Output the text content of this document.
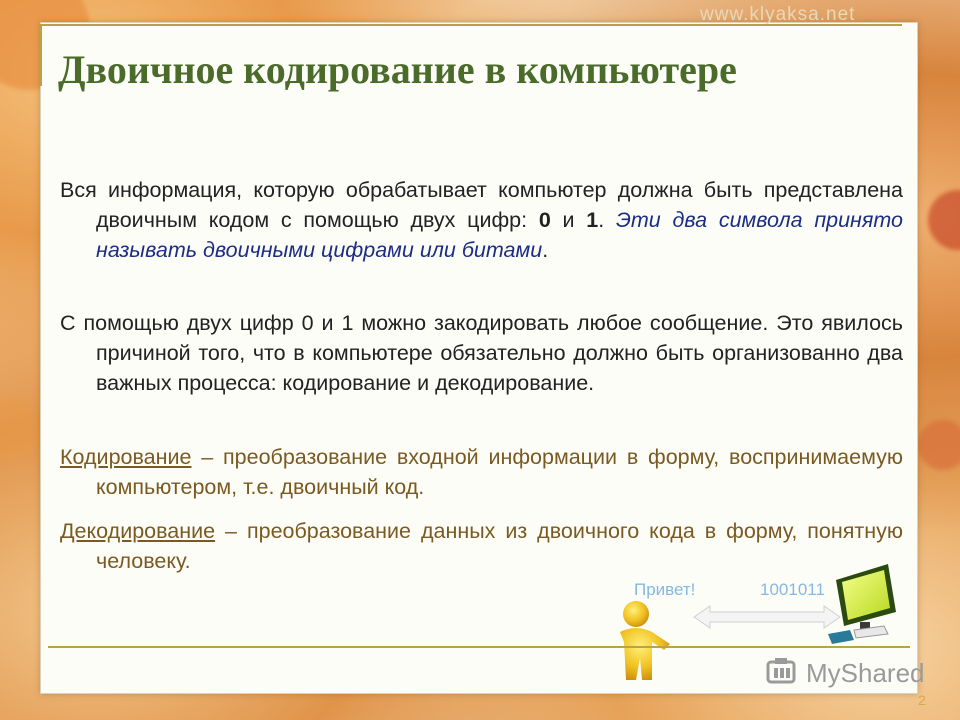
www.klyaksa.net
Двоичное кодирование в компьютере

Вся информация, которую обрабатывает компьютер должна быть представлена двоичным кодом с помощью двух цифр: 0 и 1. Эти два символа принято называть двоичными цифрами или битами.

С помощью двух цифр 0 и 1 можно закодировать любое сообщение. Это явилось причиной того, что в компьютере обязательно должно быть организованно два важных процесса: кодирование и декодирование.

Кодирование – преобразование входной информации в форму, воспринимаемую компьютером, т.е. двоичный код.

Декодирование – преобразование данных из двоичного кода в форму, понятную человеку.

Привет!	1001011
MyShared
2
